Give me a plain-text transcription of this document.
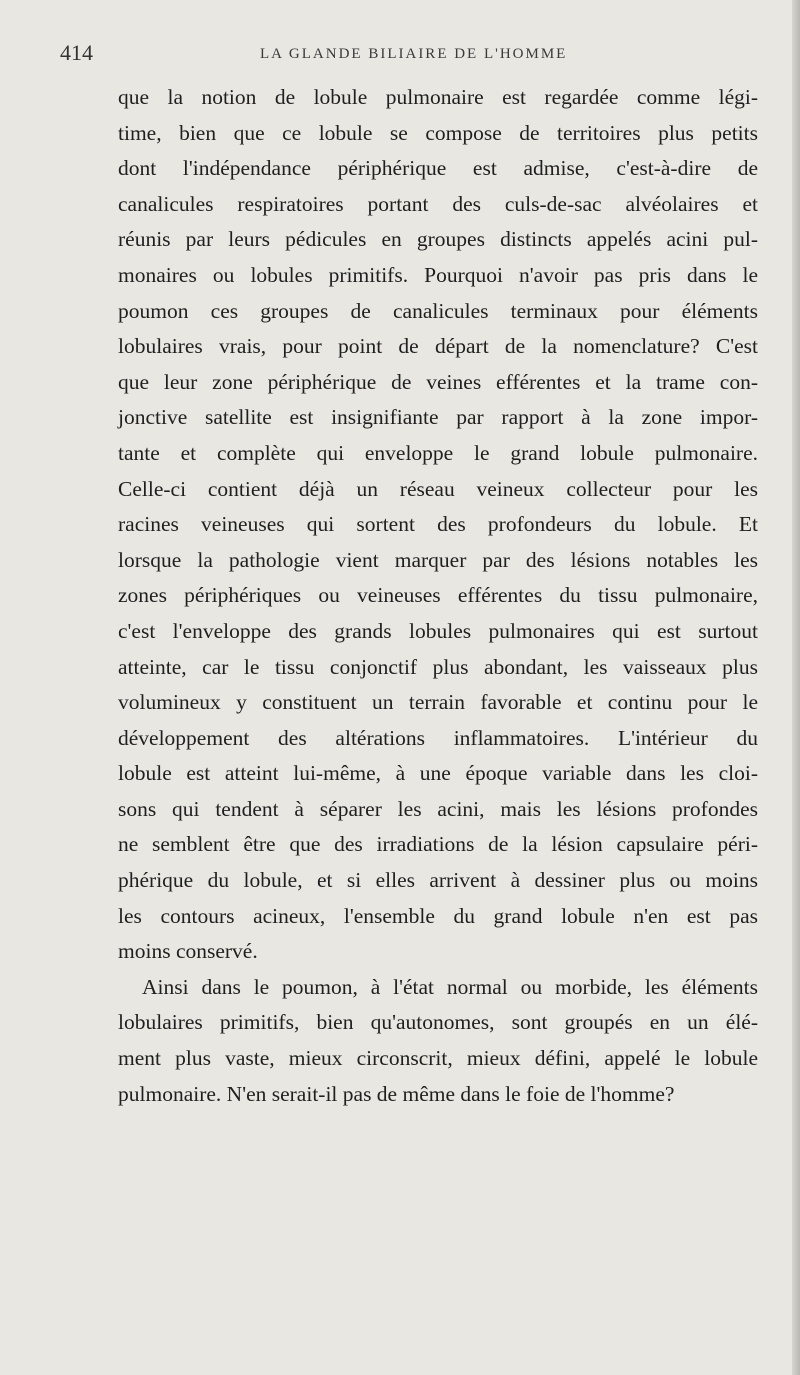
414	LA GLANDE BILIAIRE DE L'HOMME
que la notion de lobule pulmonaire est regardée comme légi-
time, bien que ce lobule se compose de territoires plus petits
dont l'indépendance périphérique est admise, c'est-à-dire de
canalicules respiratoires portant des culs-de-sac alvéolaires et
réunis par leurs pédicules en groupes distincts appelés acini pul-
monaires ou lobules primitifs. Pourquoi n'avoir pas pris dans le
poumon ces groupes de canalicules terminaux pour éléments
lobulaires vrais, pour point de départ de la nomenclature? C'est
que leur zone périphérique de veines efférentes et la trame con-
jonctive satellite est insignifiante par rapport à la zone impor-
tante et complète qui enveloppe le grand lobule pulmonaire.
Celle-ci contient déjà un réseau veineux collecteur pour les
racines veineuses qui sortent des profondeurs du lobule. Et
lorsque la pathologie vient marquer par des lésions notables les
zones périphériques ou veineuses efférentes du tissu pulmonaire,
c'est l'enveloppe des grands lobules pulmonaires qui est surtout
atteinte, car le tissu conjonctif plus abondant, les vaisseaux plus
volumineux y constituent un terrain favorable et continu pour le
développement des altérations inflammatoires. L'intérieur du
lobule est atteint lui-même, à une époque variable dans les cloi-
sons qui tendent à séparer les acini, mais les lésions profondes
ne semblent être que des irradiations de la lésion capsulaire péri-
phérique du lobule, et si elles arrivent à dessiner plus ou moins
les contours acineux, l'ensemble du grand lobule n'en est pas
moins conservé.
Ainsi dans le poumon, à l'état normal ou morbide, les éléments
lobulaires primitifs, bien qu'autonomes, sont groupés en un élé-
ment plus vaste, mieux circonscrit, mieux défini, appelé le lobule
pulmonaire. N'en serait-il pas de même dans le foie de l'homme?
